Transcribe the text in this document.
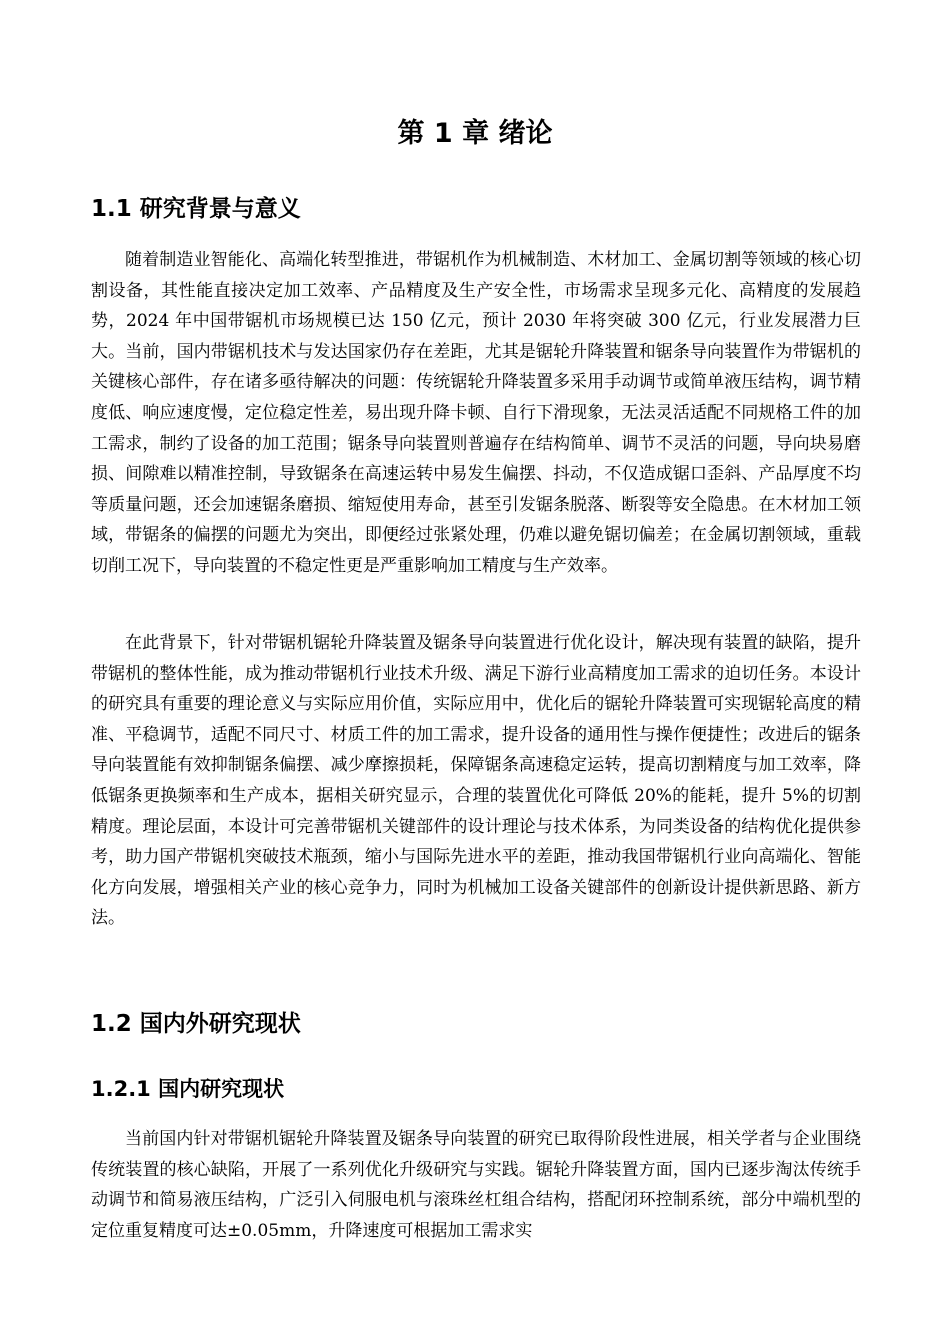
第 1 章 绪论
1.1 研究背景与意义

随着制造业智能化、高端化转型推进，带锯机作为机械制造、木材加工、金属切割等领域的核心切割设备，其性能直接决定加工效率、产品精度及生产安全性，市场需求呈现多元化、高精度的发展趋势，2024 年中国带锯机市场规模已达 150 亿元，预计 2030 年将突破 300 亿元，行业发展潜力巨大。当前，国内带锯机技术与发达国家仍存在差距，尤其是锯轮升降装置和锯条导向装置作为带锯机的关键核心部件，存在诸多亟待解决的问题：传统锯轮升降装置多采用手动调节或简单液压结构，调节精度低、响应速度慢，定位稳定性差，易出现升降卡顿、自行下滑现象，无法灵活适配不同规格工件的加工需求，制约了设备的加工范围；锯条导向装置则普遍存在结构简单、调节不灵活的问题，导向块易磨损、间隙难以精准控制，导致锯条在高速运转中易发生偏摆、抖动，不仅造成锯口歪斜、产品厚度不均等质量问题，还会加速锯条磨损、缩短使用寿命，甚至引发锯条脱落、断裂等安全隐患。在木材加工领域，带锯条的偏摆的问题尤为突出，即便经过张紧处理，仍难以避免锯切偏差；在金属切割领域，重载切削工况下，导向装置的不稳定性更是严重影响加工精度与生产效率。

在此背景下，针对带锯机锯轮升降装置及锯条导向装置进行优化设计，解决现有装置的缺陷，提升带锯机的整体性能，成为推动带锯机行业技术升级、满足下游行业高精度加工需求的迫切任务。本设计的研究具有重要的理论意义与实际应用价值，实际应用中，优化后的锯轮升降装置可实现锯轮高度的精准、平稳调节，适配不同尺寸、材质工件的加工需求，提升设备的通用性与操作便捷性；改进后的锯条导向装置能有效抑制锯条偏摆、减少摩擦损耗，保障锯条高速稳定运转，提高切割精度与加工效率，降低锯条更换频率和生产成本，据相关研究显示，合理的装置优化可降低 20%的能耗，提升 5%的切割精度。理论层面，本设计可完善带锯机关键部件的设计理论与技术体系，为同类设备的结构优化提供参考，助力国产带锯机突破技术瓶颈，缩小与国际先进水平的差距，推动我国带锯机行业向高端化、智能化方向发展，增强相关产业的核心竞争力，同时为机械加工设备关键部件的创新设计提供新思路、新方法。

1.2 国内外研究现状
1.2.1 国内研究现状

当前国内针对带锯机锯轮升降装置及锯条导向装置的研究已取得阶段性进展，相关学者与企业围绕传统装置的核心缺陷，开展了一系列优化升级研究与实践。锯轮升降装置方面，国内已逐步淘汰传统手动调节和简易液压结构，广泛引入伺服电机与滚珠丝杠组合结构，搭配闭环控制系统，部分中端机型的定位重复精度可达±0.05mm，升降速度可根据加工需求实
